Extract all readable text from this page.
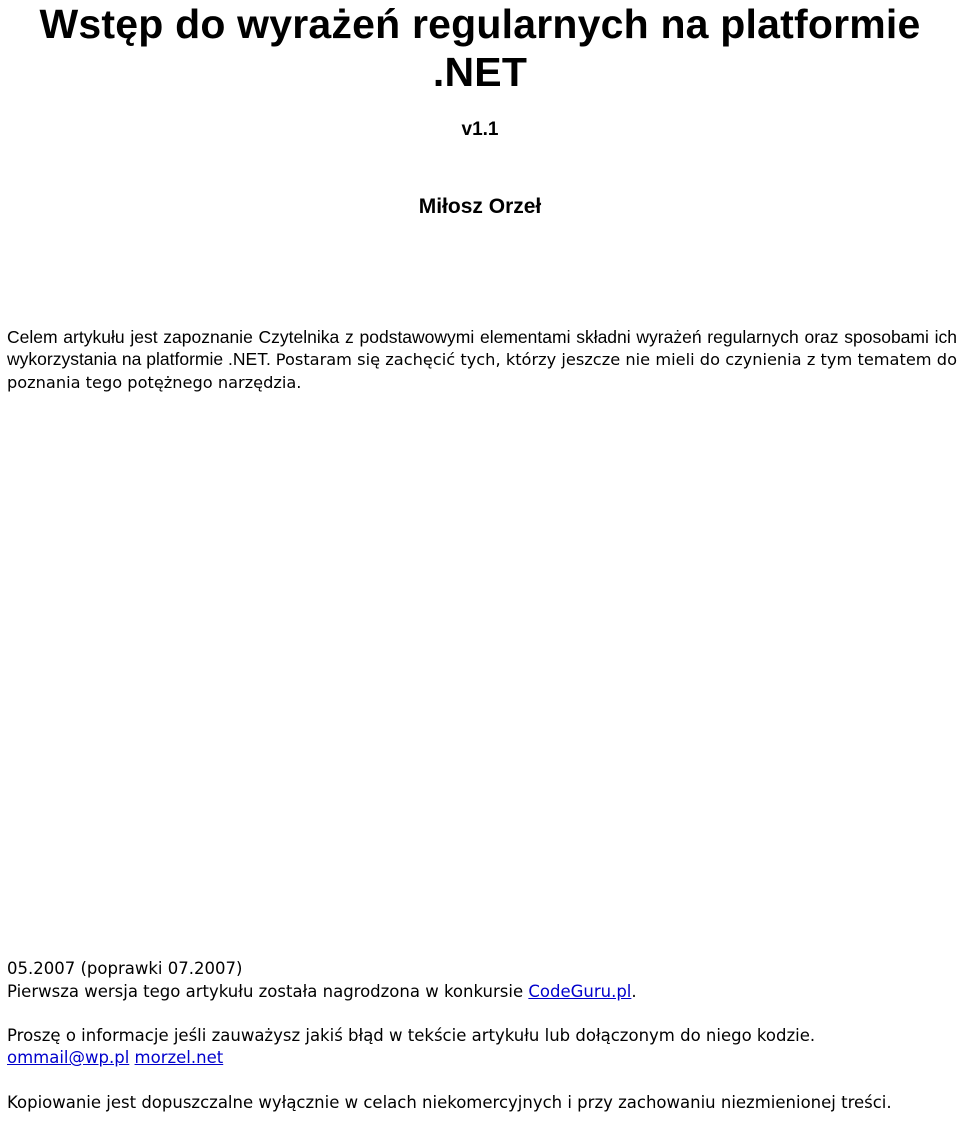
Wstęp do wyrażeń regularnych na platformie .NET
v1.1
Miłosz Orzeł

Celem artykułu jest zapoznanie Czytelnika z podstawowymi elementami składni wyrażeń regularnych oraz sposobami ich wykorzystania na platformie .NET. Postaram się zachęcić tych, którzy jeszcze nie mieli do czynienia z tym tematem do poznania tego potężnego narzędzia.

05.2007 (poprawki 07.2007)
Pierwsza wersja tego artykułu została nagrodzona w konkursie CodeGuru.pl.
Proszę o informacje jeśli zauważysz jakiś błąd w tekście artykułu lub dołączonym do niego kodzie.
ommail@wp.pl morzel.net
Kopiowanie jest dopuszczalne wyłącznie w celach niekomercyjnych i przy zachowaniu niezmienionej treści.
